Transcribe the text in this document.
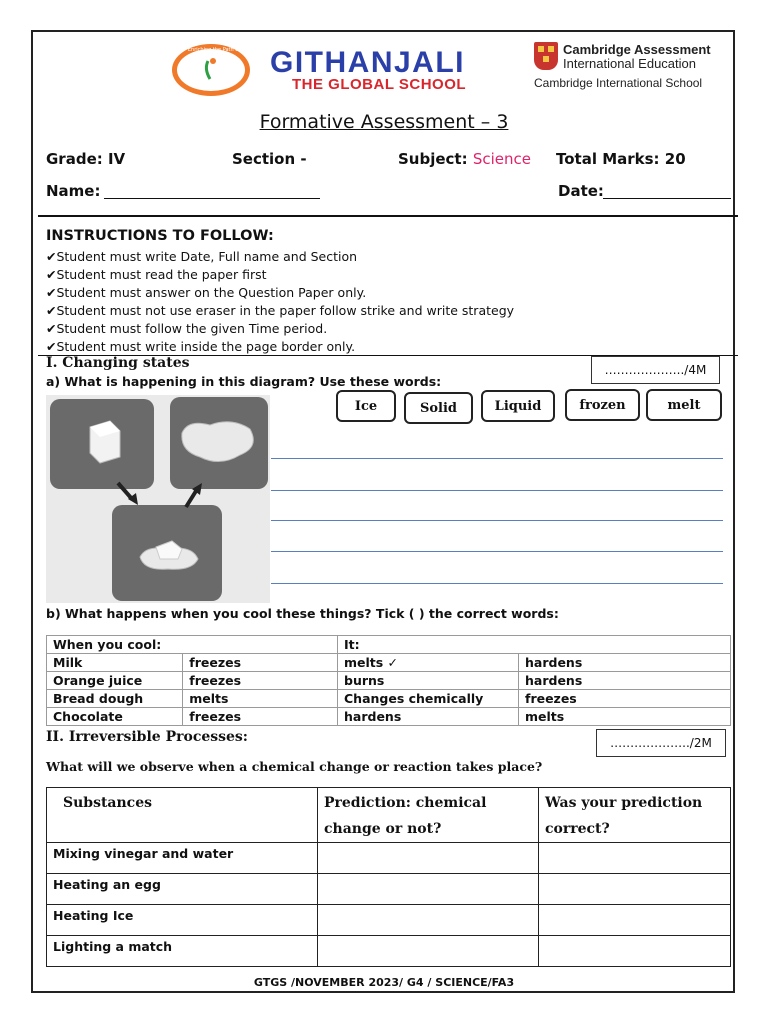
Enriching the Path of Education	GITHANJALI
THE GLOBAL SCHOOL
Cambridge Assessment
International Education
Cambridge International School
Formative Assessment – 3
Grade: IV	Section -	Subject: Science Total Marks: 20
Name:	Date:
INSTRUCTIONS TO FOLLOW:
✔Student must write Date, Full name and Section
✔Student must read the paper first
✔Student must answer on the Question Paper only.
✔Student must not use eraser in the paper follow strike and write strategy
✔Student must follow the given Time period.
✔Student must write inside the page border only.
I. Changing states	………………../4M
a) What is happening in this diagram? Use these words:
Ice	Solid	Liquid	frozen	melt
b) What happens when you cool these things? Tick ( ) the correct words:
When you cool:		It:	
Milk	freezes	melts ✓	hardens
Orange juice	freezes	burns	hardens
Bread dough	melts	Changes chemically	freezes
Chocolate	freezes	hardens	melts
II. Irreversible Processes:	………………../2M
What will we observe when a chemical change or reaction takes place?
Substances	Prediction: chemical change or not?	Was your prediction correct?
Mixing vinegar and water		
Heating an egg		
Heating Ice		
Lighting a match		
GTGS /NOVEMBER 2023/ G4 / SCIENCE/FA3
